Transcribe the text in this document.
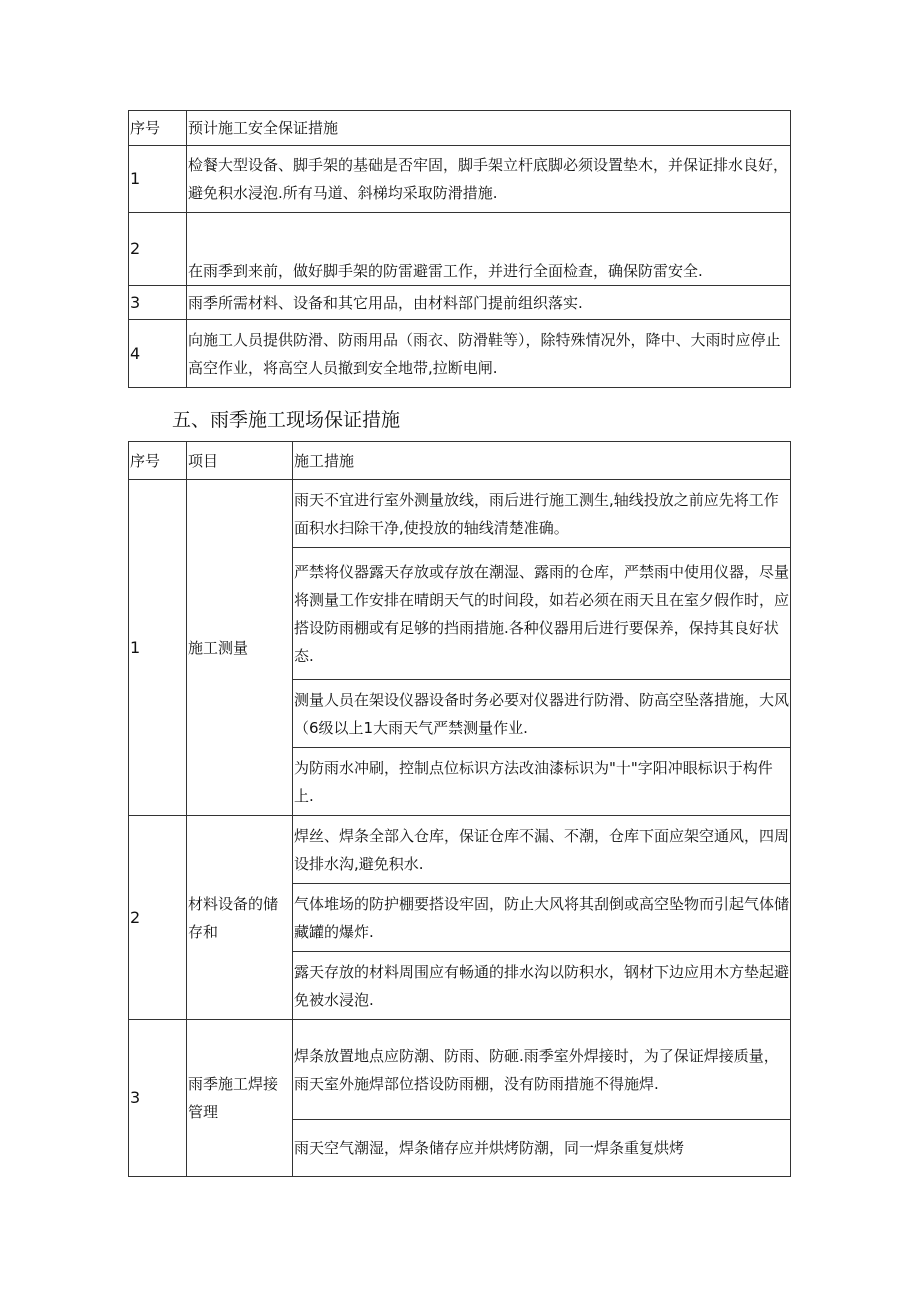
序号	预计施工安全保证措施
1	检餐大型设备、脚手架的基础是否牢固，脚手架立杆底脚必须设置垫木，并保证排水良好，避免积水浸泡.所有马道、斜梯均采取防滑措施.
2	在雨季到来前，做好脚手架的防雷避雷工作，并进行全面检查，确保防雷安全.
3	雨季所需材料、设备和其它用品，由材料部门提前组织落实.
4	向施工人员提供防滑、防雨用品（雨衣、防滑鞋等），除特殊情况外，降中、大雨时应停止高空作业，将高空人员撤到安全地带,拉断电闸.
五、雨季施工现场保证措施
序号	项目	施工措施
1	施工测量	雨天不宜进行室外测量放线，雨后进行施工测生,轴线投放之前应先将工作面积水扫除干净,使投放的轴线清楚准确。
		严禁将仪器露天存放或存放在潮湿、露雨的仓库，严禁雨中使用仪器，尽量将测量工作安排在晴朗天气的时间段，如若必须在雨天且在室夕假作时，应搭设防雨棚或有足够的挡雨措施.各种仪器用后进行要保养，保持其良好状态.
		测量人员在架设仪器设备时务必要对仪器进行防滑、防高空坠落措施，大风（6级以上1大雨天气严禁测量作业.
		为防雨水冲刷，控制点位标识方法改油漆标识为"十"字阳冲眼标识于构件上.
2	材料设备的储存和	焊丝、焊条全部入仓库，保证仓库不漏、不潮，仓库下面应架空通风，四周设排水沟,避免积水.
		气体堆场的防护棚要搭设牢固，防止大风将其刮倒或高空坠物而引起气体储藏罐的爆炸.
		露天存放的材料周围应有畅通的排水沟以防积水，钢材下边应用木方垫起避免被水浸泡.
3	雨季施工焊接管理	焊条放置地点应防潮、防雨、防砸.雨季室外焊接时，为了保证焊接质量，雨天室外施焊部位搭设防雨棚，没有防雨措施不得施焊.
		雨天空气潮湿，焊条储存应并烘烤防潮，同一焊条重复烘烤
